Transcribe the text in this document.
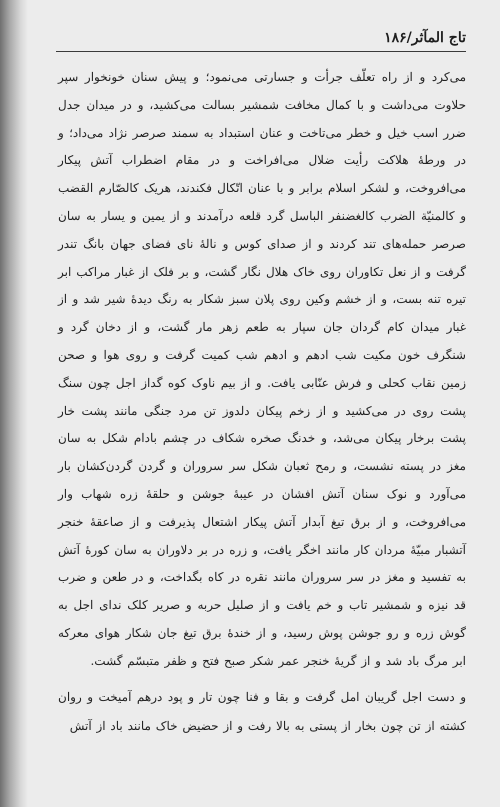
تاج المآثر/۱۸۶

می‌کرد و از راه تعلّف جرأت و جسارتی می‌نمود؛ و پیش سنان خونخوار سپر حلاوت می‌داشت و با کمال مخافت شمشیر بسالت می‌کشید، و در میدان جدل ضرر اسب خیل و خطر می‌تاخت و عنان استبداد به سمند صرصر نژاد می‌داد؛ و در ورطهٔ هلاکت رأیت ضلال می‌افراخت و در مقام اضطراب آتش پیکار می‌افروخت، و لشکر اسلام برابر و با عنان اتّکال فکندند، هریک کالصّارم القضب و کالمنیّة الضرب کالغضنفر الباسل گرد قلعه درآمدند و از یمین و یسار به سان صرصر حمله‌های تند کردند و از صدای کوس و نالهٔ نای فضای جهان بانگ تندر گرفت و از نعل تکاوران روی خاک هلال نگار گشت، و بر فلک از غبار مراکب ابر تیره تنه بست، و از خشم وکین روی پلان سبز شکار به رنگ دیدهٔ شیر شد و از غبار میدان کام گردان جان سپار به طعم زهر مار گشت، و از دخان گرد و شنگرف خون مکیت شب ادهم و ادهم شب کمیت گرفت و روی هوا و صحن زمین نقاب کحلی و فرش عنّابی یافت. و از بیم ناوک کوه گداز اجل چون سنگ پشت روی در می‌کشید و از زخم پیکان دلدوز تن مرد جنگی مانند پشت خار پشت برخار پیکان می‌شد، و خدنگ صخره شکاف در چشم بادام شکل به سان مغز در پسته نشست، و رمح ثعبان شکل سر سروران و گردن گردن‌کشان بار می‌آورد و نوک سنان آتش افشان در عیبهٔ جوشن و حلقهٔ زره شهاب وار می‌افروخت، و از برق تیغ آبدار آتش پیکار اشتعال پذیرفت و از صاعقهٔ خنجر آتشبار مبیّهٔ مردان کار مانند اخگر یافت، و زره در بر دلاوران به سان کورهٔ آتش به تفسید و مغز در سر سروران مانند نقره در کاه بگداخت، و در طعن و ضرب قد نیزه و شمشیر تاب و خم یافت و از صلیل حربه و صریر کلک ندای اجل به گوش زره و رو جوشن پوش رسید، و از خندهٔ برق تیغ جان شکار هوای معرکه ابر مرگ باد شد و از گریهٔ خنجر عمر شکر صبح فتح و ظفر متبسّم گشت.

و دست اجل گریبان امل گرفت و بقا و فنا چون تار و پود درهم آمیخت و روان کشته از تن چون بخار از پستی به بالا رفت و از حضیض خاک مانند باد از آتش
